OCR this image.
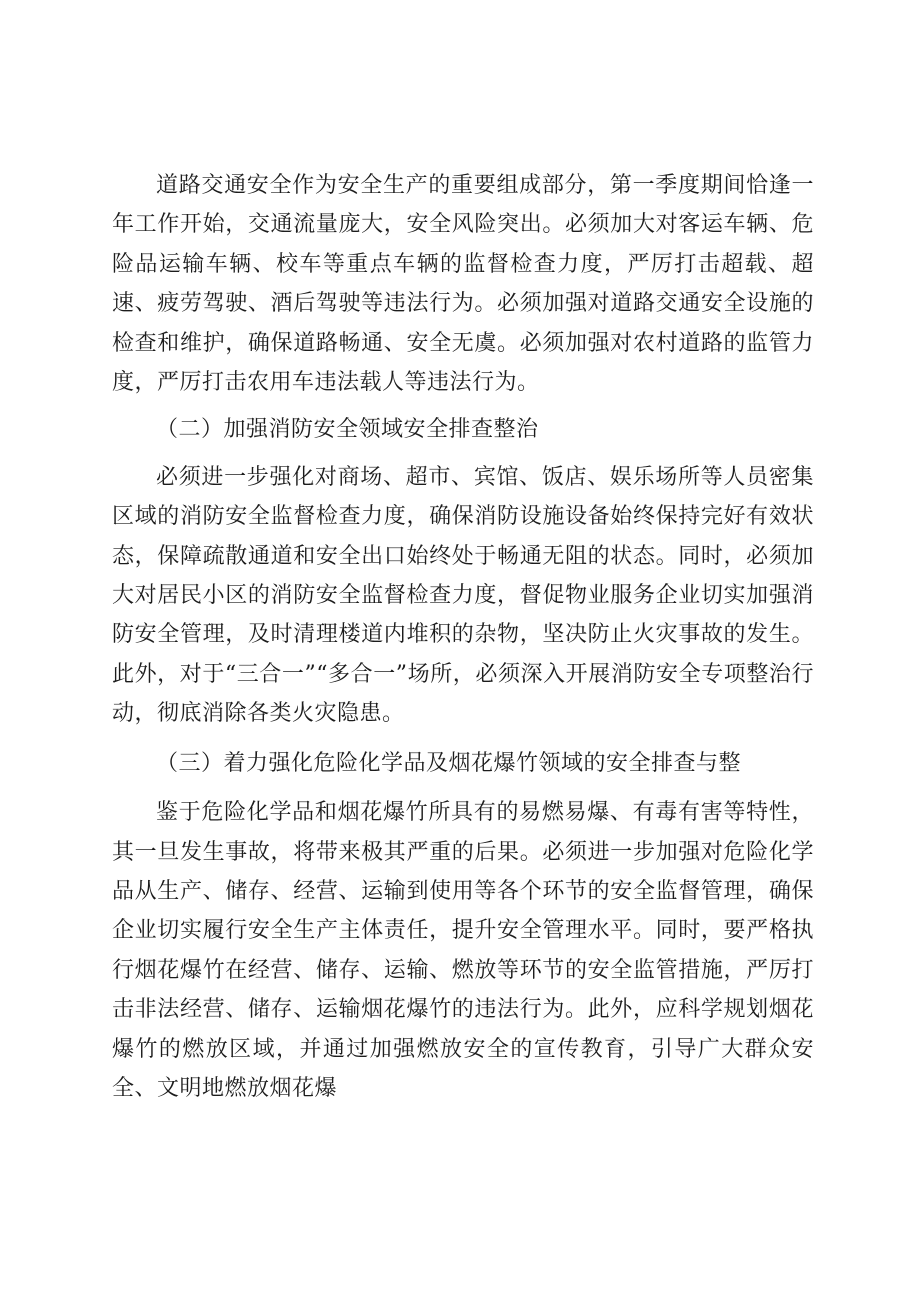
道路交通安全作为安全生产的重要组成部分，第一季度期间恰逢一年工作开始，交通流量庞大，安全风险突出。必须加大对客运车辆、危险品运输车辆、校车等重点车辆的监督检查力度，严厉打击超载、超速、疲劳驾驶、酒后驾驶等违法行为。必须加强对道路交通安全设施的检查和维护，确保道路畅通、安全无虞。必须加强对农村道路的监管力度，严厉打击农用车违法载人等违法行为。

（二）加强消防安全领域安全排查整治

必须进一步强化对商场、超市、宾馆、饭店、娱乐场所等人员密集区域的消防安全监督检查力度，确保消防设施设备始终保持完好有效状态，保障疏散通道和安全出口始终处于畅通无阻的状态。同时，必须加大对居民小区的消防安全监督检查力度，督促物业服务企业切实加强消防安全管理，及时清理楼道内堆积的杂物，坚决防止火灾事故的发生。此外，对于“三合一”“多合一”场所，必须深入开展消防安全专项整治行动，彻底消除各类火灾隐患。

（三）着力强化危险化学品及烟花爆竹领域的安全排查与整

鉴于危险化学品和烟花爆竹所具有的易燃易爆、有毒有害等特性，其一旦发生事故，将带来极其严重的后果。必须进一步加强对危险化学品从生产、储存、经营、运输到使用等各个环节的安全监督管理，确保企业切实履行安全生产主体责任，提升安全管理水平。同时，要严格执行烟花爆竹在经营、储存、运输、燃放等环节的安全监管措施，严厉打击非法经营、储存、运输烟花爆竹的违法行为。此外，应科学规划烟花爆竹的燃放区域，并通过加强燃放安全的宣传教育，引导广大群众安全、文明地燃放烟花爆
